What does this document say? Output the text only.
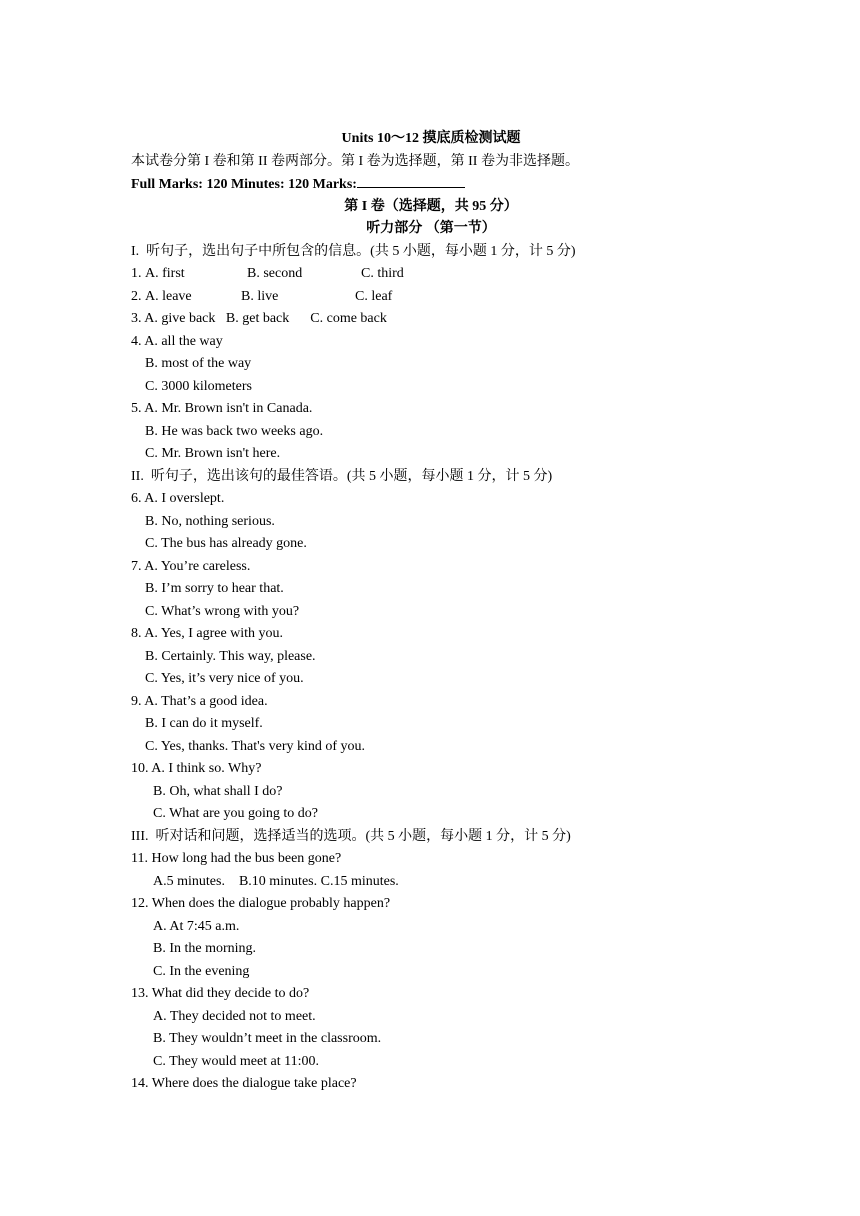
Units 10～12 摸底质检测试题
本试卷分第 I 卷和第 II 卷两部分。第 I 卷为选择题，第 II 卷为非选择题。
Full Marks: 120 Minutes: 120 Marks:
第 I 卷（选择题，共 95 分）
听力部分 （第一节）
I.  听句子，选出句子中所包含的信息。(共 5 小题，每小题 1 分，计 5 分)
1. A. first	B. second	C. third
2. A. leave	B. live	C. leaf
3. A. give back B. get back C. come back
4. A. all the way
B. most of the way
C. 3000 kilometers
5. A. Mr. Brown isn't in Canada.
B. He was back two weeks ago.
C. Mr. Brown isn't here.
II.  听句子，选出该句的最佳答语。(共 5 小题，每小题 1 分，计 5 分)
6. A. I overslept.
B. No, nothing serious.
C. The bus has already gone.
7. A. You’re careless.
B. I’m sorry to hear that.
C. What’s wrong with you?
8. A. Yes, I agree with you.
B. Certainly. This way, please.
C. Yes, it’s very nice of you.
9. A. That’s a good idea.
B. I can do it myself.
C. Yes, thanks. That's very kind of you.
10. A. I think so. Why?
B. Oh, what shall I do?
C. What are you going to do?
III.  听对话和问题，选择适当的选项。(共 5 小题，每小题 1 分，计 5 分)
11. How long had the bus been gone?
A.5 minutes.    B.10 minutes. C.15 minutes.
12. When does the dialogue probably happen?
A. At 7:45 a.m.
B. In the morning.
C. In the evening
13. What did they decide to do?
A. They decided not to meet.
B. They wouldn’t meet in the classroom.
C. They would meet at 11:00.
14. Where does the dialogue take place?
